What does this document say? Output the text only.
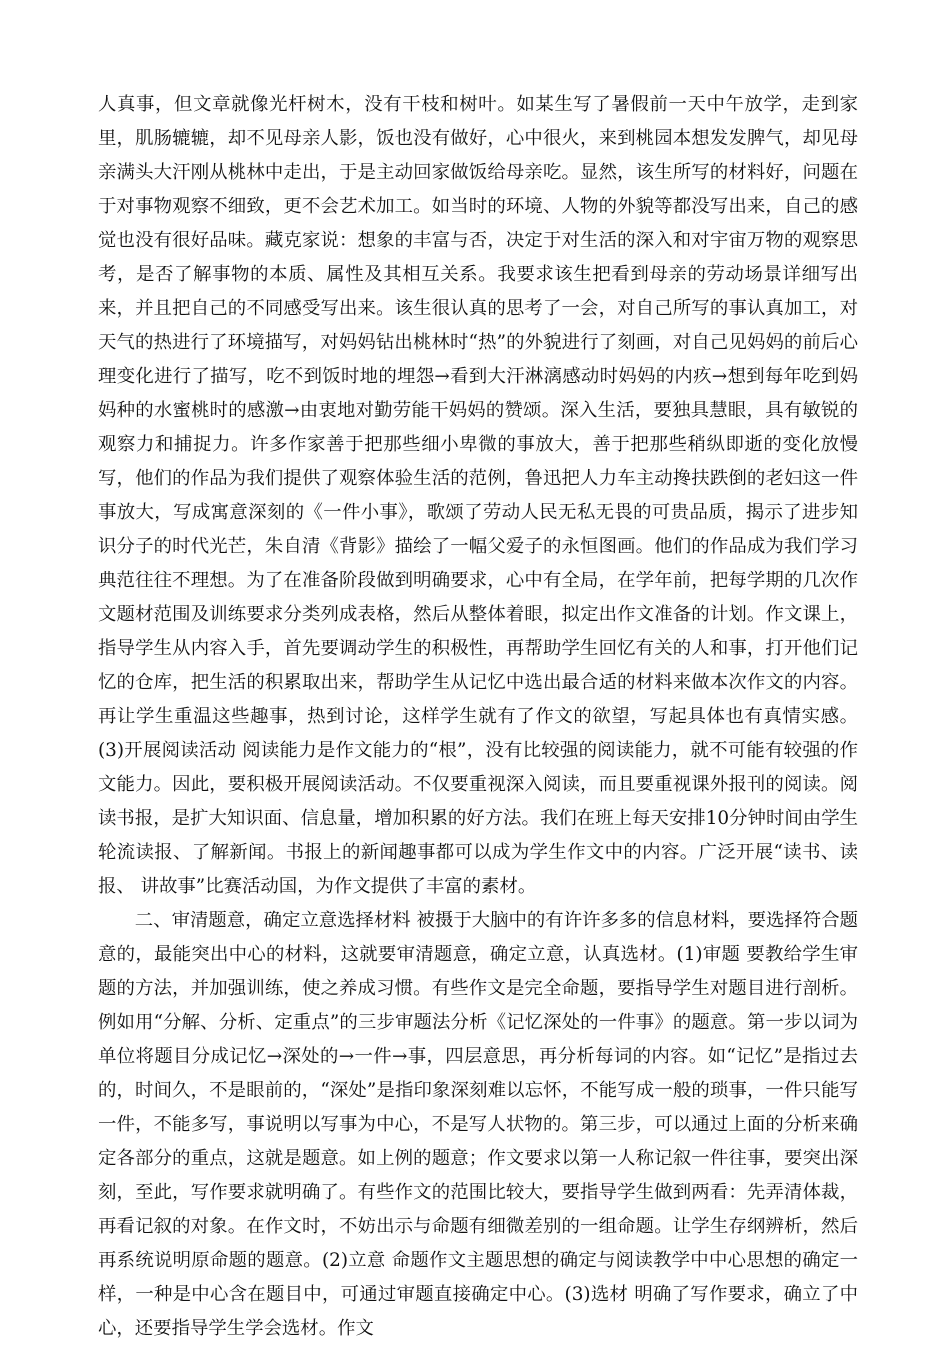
人真事，但文章就像光杆树木，没有干枝和树叶。如某生写了暑假前一天中午放学，走到家里，肌肠辘辘，却不见母亲人影，饭也没有做好，心中很火，来到桃园本想发发脾气，却见母亲满头大汗刚从桃林中走出，于是主动回家做饭给母亲吃。显然，该生所写的材料好，问题在于对事物观察不细致，更不会艺术加工。如当时的环境、人物的外貌等都没写出来，自己的感觉也没有很好品味。藏克家说：想象的丰富与否，决定于对生活的深入和对宇宙万物的观察思考，是否了解事物的本质、属性及其相互关系。我要求该生把看到母亲的劳动场景详细写出来，并且把自己的不同感受写出来。该生很认真的思考了一会，对自己所写的事认真加工，对天气的热进行了环境描写，对妈妈钻出桃林时“热”的外貌进行了刻画，对自己见妈妈的前后心理变化进行了描写，吃不到饭时地的埋怨→看到大汗淋漓感动时妈妈的内疚→想到每年吃到妈妈种的水蜜桃时的感激→由衷地对勤劳能干妈妈的赞颂。深入生活，要独具慧眼，具有敏锐的观察力和捕捉力。许多作家善于把那些细小卑微的事放大，善于把那些稍纵即逝的变化放慢写，他们的作品为我们提供了观察体验生活的范例，鲁迅把人力车主动搀扶跌倒的老妇这一件事放大，写成寓意深刻的《一件小事》，歌颂了劳动人民无私无畏的可贵品质，揭示了进步知识分子的时代光芒，朱自清《背影》描绘了一幅父爱子的永恒图画。他们的作品成为我们学习典范往往不理想。为了在准备阶段做到明确要求，心中有全局，在学年前，把每学期的几次作文题材范围及训练要求分类列成表格，然后从整体着眼，拟定出作文准备的计划。作文课上，指导学生从内容入手，首先要调动学生的积极性，再帮助学生回忆有关的人和事，打开他们记忆的仓库，把生活的积累取出来，帮助学生从记忆中选出最合适的材料来做本次作文的内容。再让学生重温这些趣事，热到讨论，这样学生就有了作文的欲望，写起具体也有真情实感。(3)开展阅读活动 阅读能力是作文能力的“根”，没有比较强的阅读能力，就不可能有较强的作文能力。因此，要积极开展阅读活动。不仅要重视深入阅读，而且要重视课外报刊的阅读。阅读书报，是扩大知识面、信息量，增加积累的好方法。我们在班上每天安排10分钟时间由学生轮流读报、了解新闻。书报上的新闻趣事都可以成为学生作文中的内容。广泛开展“读书、读报、 讲故事”比赛活动国，为作文提供了丰富的素材。

二、审清题意，确定立意选择材料 被摄于大脑中的有许许多多的信息材料，要选择符合题意的，最能突出中心的材料，这就要审清题意，确定立意，认真选材。(1)审题 要教给学生审题的方法，并加强训练，使之养成习惯。有些作文是完全命题，要指导学生对题目进行剖析。例如用“分解、分析、定重点”的三步审题法分析《记忆深处的一件事》的题意。第一步以词为单位将题目分成记忆→深处的→一件→事，四层意思，再分析每词的内容。如“记忆”是指过去的，时间久，不是眼前的，“深处”是指印象深刻难以忘怀，不能写成一般的琐事，一件只能写一件，不能多写，事说明以写事为中心，不是写人状物的。第三步，可以通过上面的分析来确定各部分的重点，这就是题意。如上例的题意；作文要求以第一人称记叙一件往事，要突出深刻，至此，写作要求就明确了。有些作文的范围比较大，要指导学生做到两看：先弄清体裁，再看记叙的对象。在作文时，不妨出示与命题有细微差别的一组命题。让学生存纲辨析，然后再系统说明原命题的题意。(2)立意 命题作文主题思想的确定与阅读教学中中心思想的确定一样，一种是中心含在题目中，可通过审题直接确定中心。(3)选材 明确了写作要求，确立了中心，还要指导学生学会选材。作文
